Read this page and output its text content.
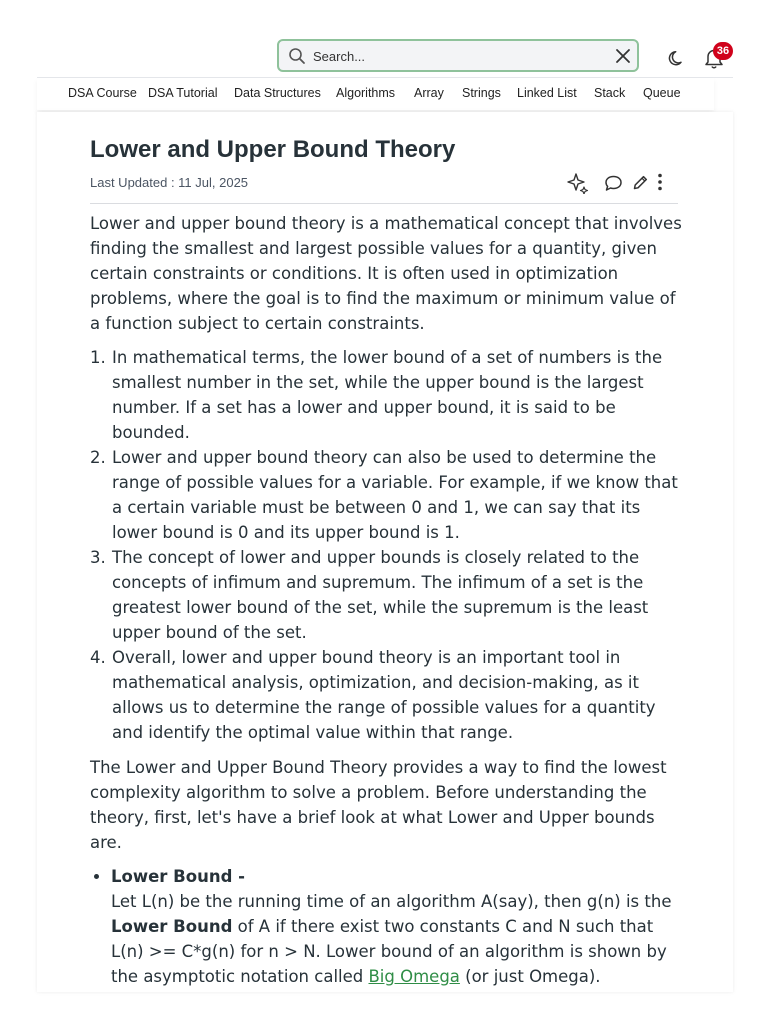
Search...
36
DSA Course DSA Tutorial Data Structures Algorithms Array Strings Linked List Stack Queue
Lower and Upper Bound Theory
Last Updated : 11 Jul, 2025

Lower and upper bound theory is a mathematical concept that involves finding the smallest and largest possible values for a quantity, given certain constraints or conditions. It is often used in optimization problems, where the goal is to find the maximum or minimum value of a function subject to certain constraints.

1. In mathematical terms, the lower bound of a set of numbers is the smallest number in the set, while the upper bound is the largest number. If a set has a lower and upper bound, it is said to be bounded.
2. Lower and upper bound theory can also be used to determine the range of possible values for a variable. For example, if we know that a certain variable must be between 0 and 1, we can say that its lower bound is 0 and its upper bound is 1.
3. The concept of lower and upper bounds is closely related to the concepts of infimum and supremum. The infimum of a set is the greatest lower bound of the set, while the supremum is the least upper bound of the set.
4. Overall, lower and upper bound theory is an important tool in mathematical analysis, optimization, and decision-making, as it allows us to determine the range of possible values for a quantity and identify the optimal value within that range.

The Lower and Upper Bound Theory provides a way to find the lowest complexity algorithm to solve a problem. Before understanding the theory, first, let's have a brief look at what Lower and Upper bounds are.

• Lower Bound -
Let L(n) be the running time of an algorithm A(say), then g(n) is the Lower Bound of A if there exist two constants C and N such that L(n) >= C*g(n) for n > N. Lower bound of an algorithm is shown by the asymptotic notation called Big Omega (or just Omega).
